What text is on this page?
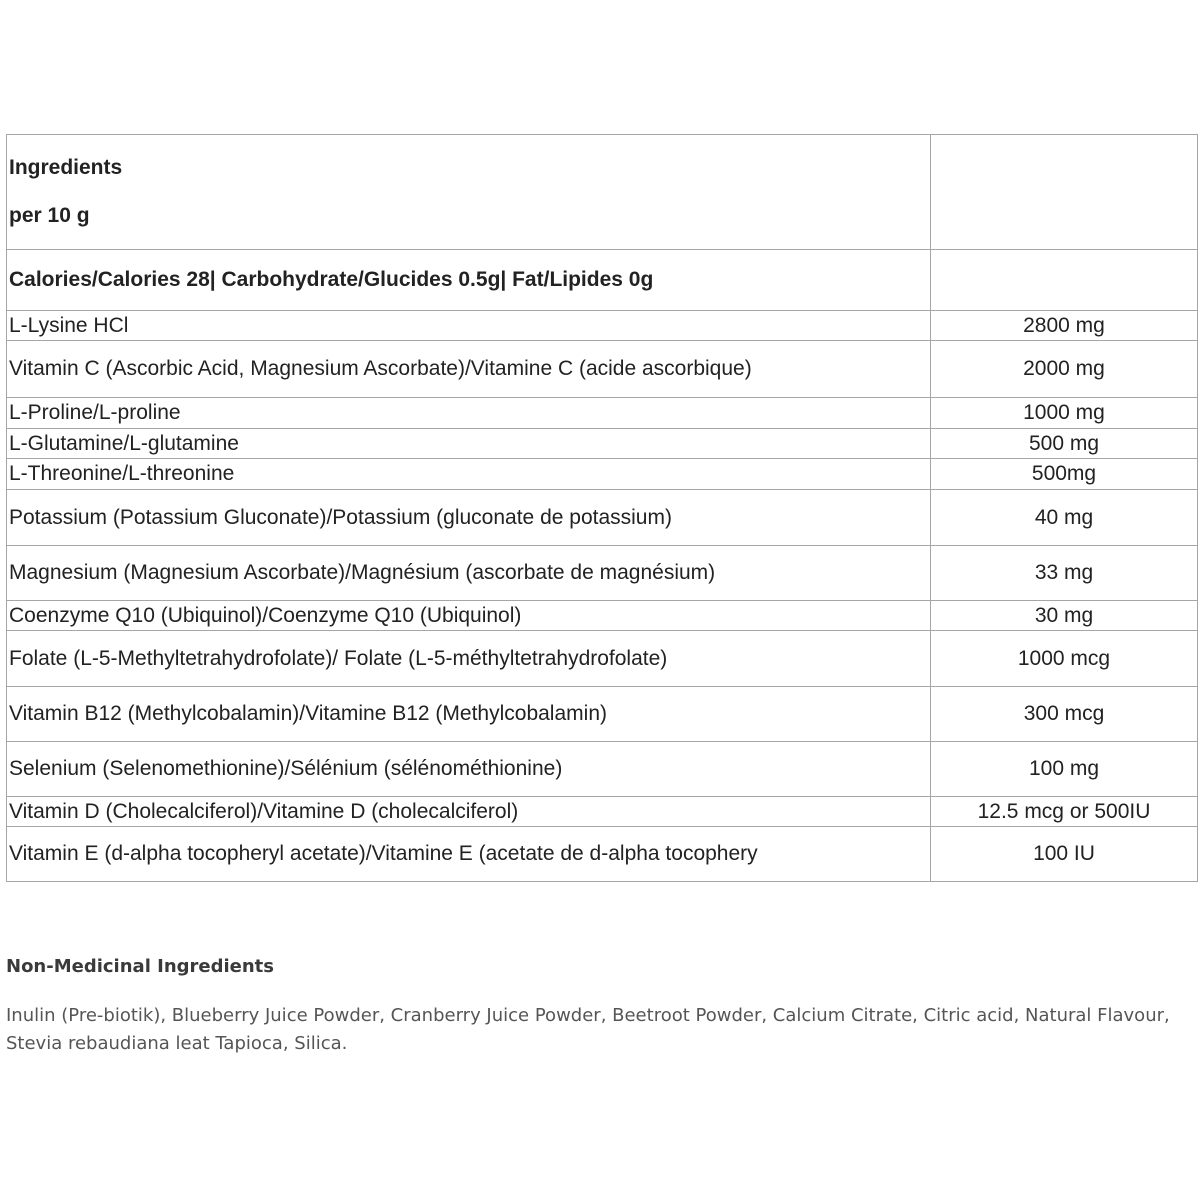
Ingredients
per 10 g	

Calories/Calories 28| Carbohydrate/Glucides 0.5g| Fat/Lipides 0g	
L-Lysine HCl	2800 mg
Vitamin C (Ascorbic Acid, Magnesium Ascorbate)/Vitamine C (acide ascorbique)	2000 mg
L-Proline/L-proline	1000 mg
L-Glutamine/L-glutamine	500 mg
L-Threonine/L-threonine	500mg
Potassium (Potassium Gluconate)/Potassium (gluconate de potassium)	40 mg
Magnesium (Magnesium Ascorbate)/Magnésium (ascorbate de magnésium)	33 mg
Coenzyme Q10 (Ubiquinol)/Coenzyme Q10 (Ubiquinol)	30 mg
Folate (L-5-Methyltetrahydrofolate)/ Folate (L-5-méthyltetrahydrofolate)	1000 mcg
Vitamin B12 (Methylcobalamin)/Vitamine B12 (Methylcobalamin)	300 mcg
Selenium (Selenomethionine)/Sélénium (sélénométhionine)	100 mg
Vitamin D (Cholecalciferol)/Vitamine D (cholecalciferol)	12.5 mcg or 500IU
Vitamin E (d-alpha tocopheryl acetate)/Vitamine E (acetate de d-alpha tocophery	100 IU
Non-Medicinal Ingredients
Inulin (Pre-biotik), Blueberry Juice Powder, Cranberry Juice Powder, Beetroot Powder, Calcium Citrate, Citric acid, Natural Flavour, Stevia rebaudiana leat Tapioca, Silica.
